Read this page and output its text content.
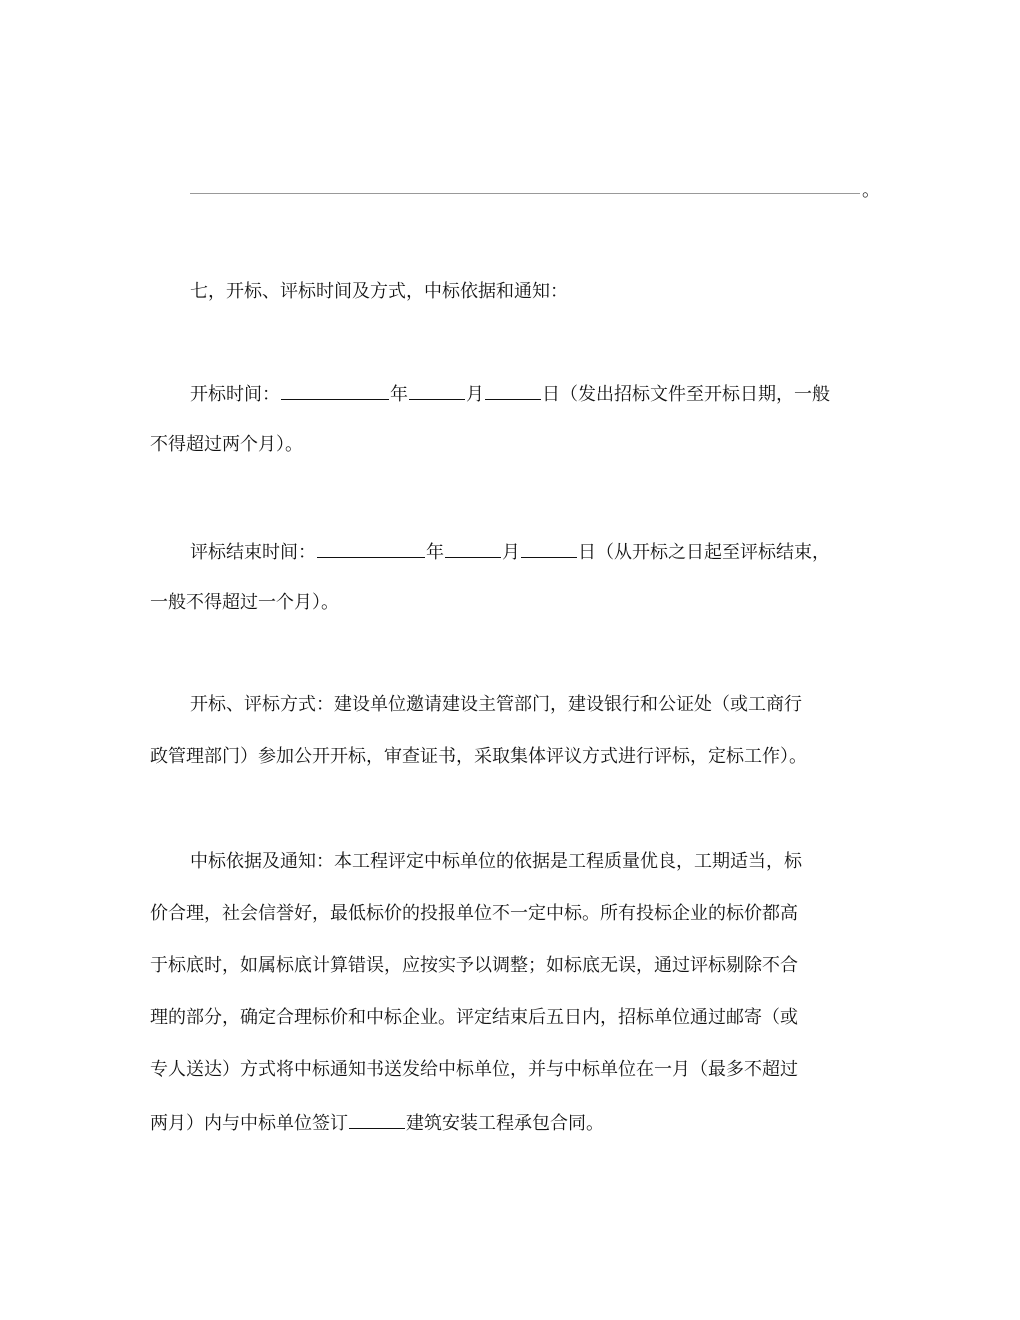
。
七，开标、评标时间及方式，中标依据和通知：
开标时间：	年	月	日（发出招标文件至开标日期，一般
不得超过两个月）。
评标结束时间：	年	月	日（从开标之日起至评标结束，
一般不得超过一个月）。
开标、评标方式：建设单位邀请建设主管部门，建设银行和公证处（或工商行
政管理部门）参加公开开标，审查证书，采取集体评议方式进行评标，定标工作）。
中标依据及通知：本工程评定中标单位的依据是工程质量优良，工期适当，标
价合理，社会信誉好，最低标价的投报单位不一定中标。所有投标企业的标价都高
于标底时，如属标底计算错误，应按实予以调整；如标底无误，通过评标剔除不合
理的部分，确定合理标价和中标企业。评定结束后五日内，招标单位通过邮寄（或
专人送达）方式将中标通知书送发给中标单位，并与中标单位在一月（最多不超过
两月）内与中标单位签订	建筑安装工程承包合同。
